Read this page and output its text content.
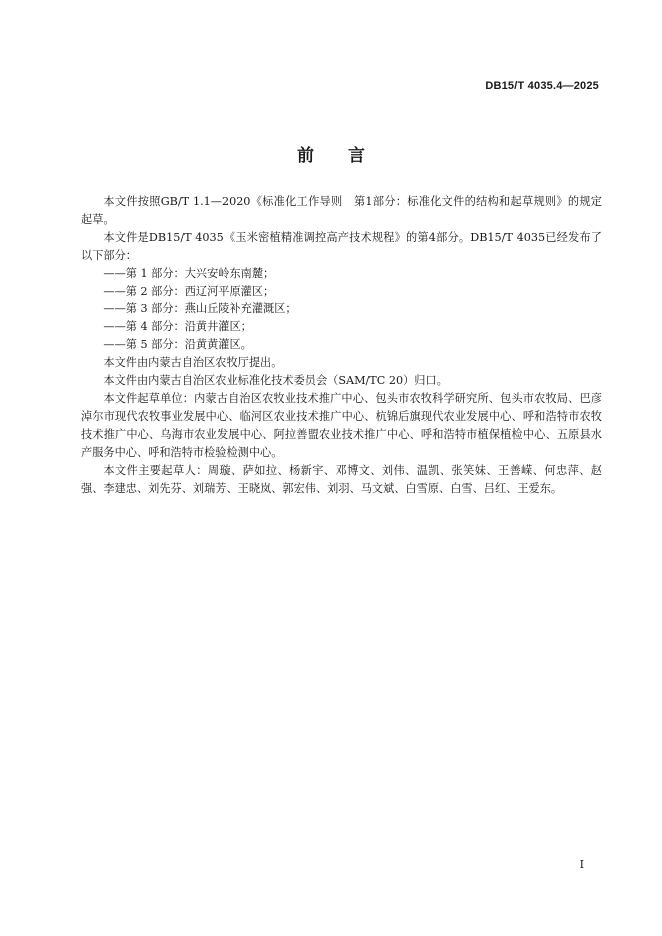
DB15/T 4035.4—2025
前　　言

本文件按照GB/T 1.1—2020《标准化工作导则　第1部分：标准化文件的结构和起草规则》的规定起草。

本文件是DB15/T 4035《玉米密植精准调控高产技术规程》的第4部分。DB15/T 4035已经发布了以下部分：

——第 1 部分：大兴安岭东南麓；

——第 2 部分：西辽河平原灌区；

——第 3 部分：燕山丘陵补充灌溉区；

——第 4 部分：沿黄井灌区；

——第 5 部分：沿黄黄灌区。

本文件由内蒙古自治区农牧厅提出。

本文件由内蒙古自治区农业标准化技术委员会（SAM/TC 20）归口。

本文件起草单位：内蒙古自治区农牧业技术推广中心、包头市农牧科学研究所、包头市农牧局、巴彦淖尔市现代农牧事业发展中心、临河区农业技术推广中心、杭锦后旗现代农业发展中心、呼和浩特市农牧技术推广中心、乌海市农业发展中心、阿拉善盟农业技术推广中心、呼和浩特市植保植检中心、五原县水产服务中心、呼和浩特市检验检测中心。

本文件主要起草人：周璇、萨如拉、杨新宇、邓博文、刘伟、温凯、张笑妹、王善嵘、何忠萍、赵强、李建忠、刘先芬、刘瑞芳、王晓岚、郭宏伟、刘羽、马文斌、白雪原、白雪、吕红、王爱东。

I
